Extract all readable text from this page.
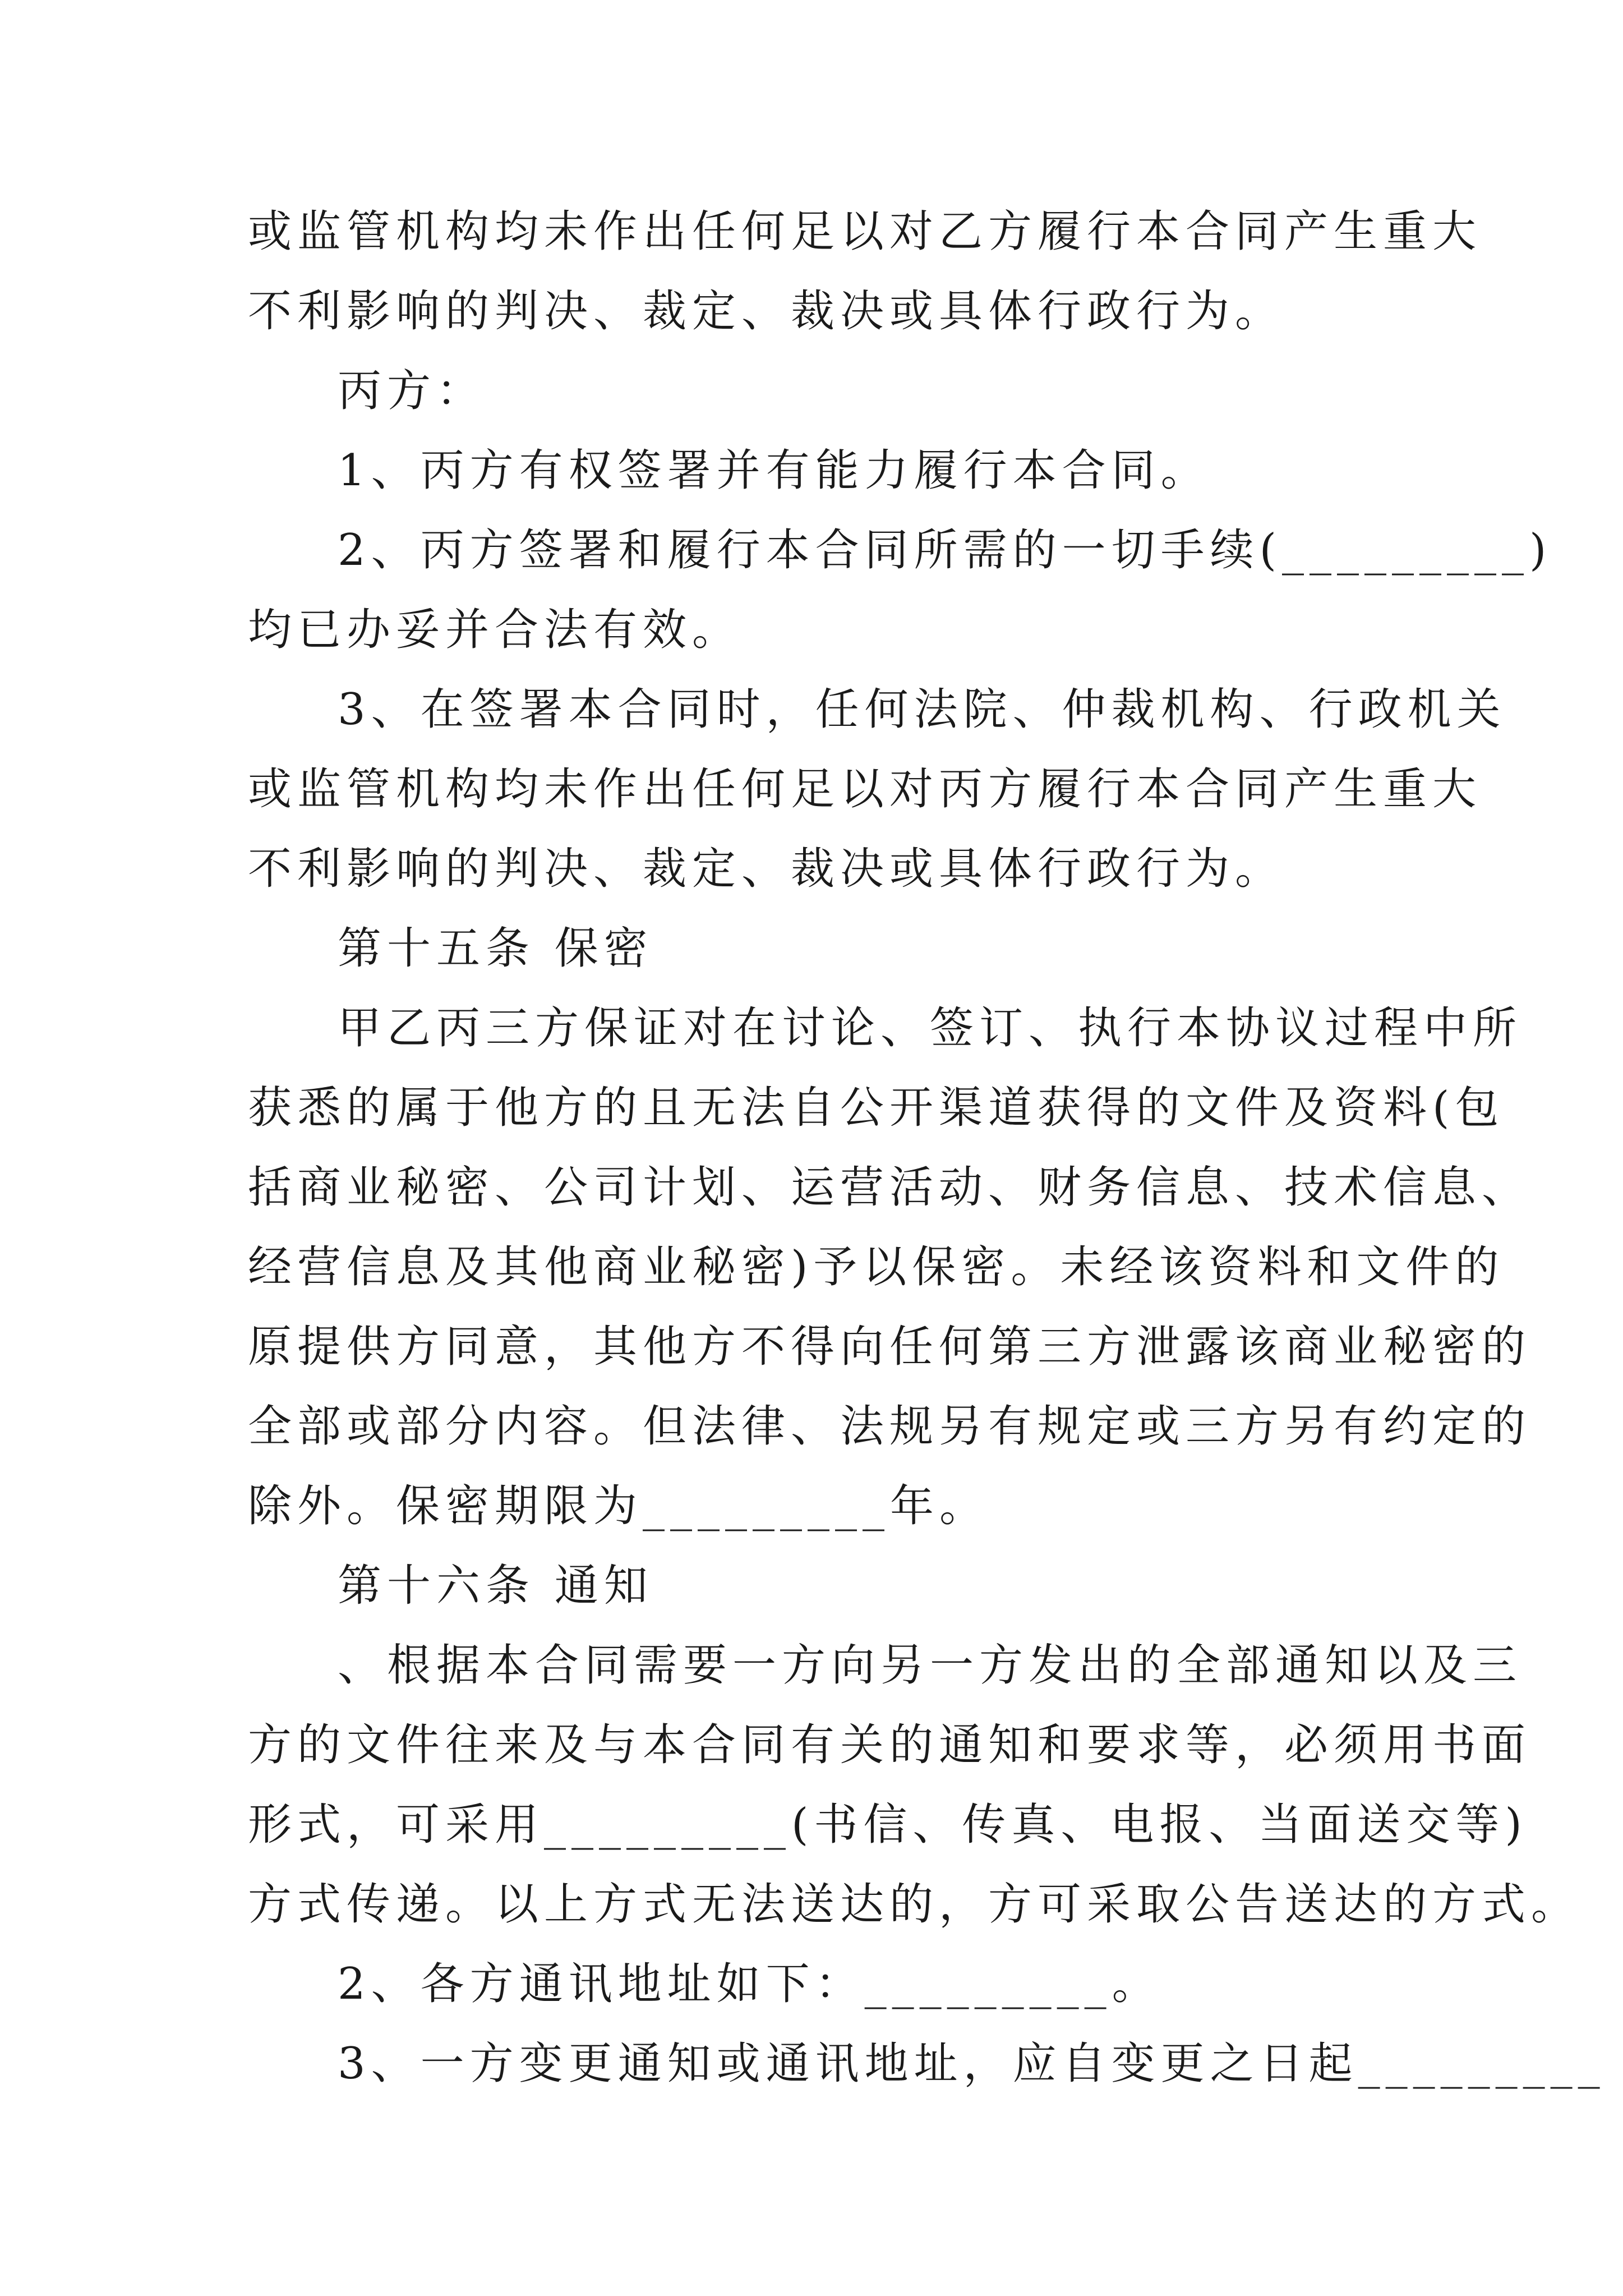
或监管机构均未作出任何足以对乙方履行本合同产生重大
不利影响的判决、裁定、裁决或具体行政行为。
丙方：
1、丙方有权签署并有能力履行本合同。
2、丙方签署和履行本合同所需的一切手续(_________)
均已办妥并合法有效。
3、在签署本合同时，任何法院、仲裁机构、行政机关
或监管机构均未作出任何足以对丙方履行本合同产生重大
不利影响的判决、裁定、裁决或具体行政行为。
第十五条 保密
甲乙丙三方保证对在讨论、签订、执行本协议过程中所
获悉的属于他方的且无法自公开渠道获得的文件及资料(包
括商业秘密、公司计划、运营活动、财务信息、技术信息、
经营信息及其他商业秘密)予以保密。未经该资料和文件的
原提供方同意，其他方不得向任何第三方泄露该商业秘密的
全部或部分内容。但法律、法规另有规定或三方另有约定的
除外。保密期限为_________年。
第十六条 通知
、根据本合同需要一方向另一方发出的全部通知以及三
方的文件往来及与本合同有关的通知和要求等，必须用书面
形式，可采用_________(书信、传真、电报、当面送交等)
方式传递。以上方式无法送达的，方可采取公告送达的方式。
2、各方通讯地址如下：_________。
3、一方变更通知或通讯地址，应自变更之日起_________
